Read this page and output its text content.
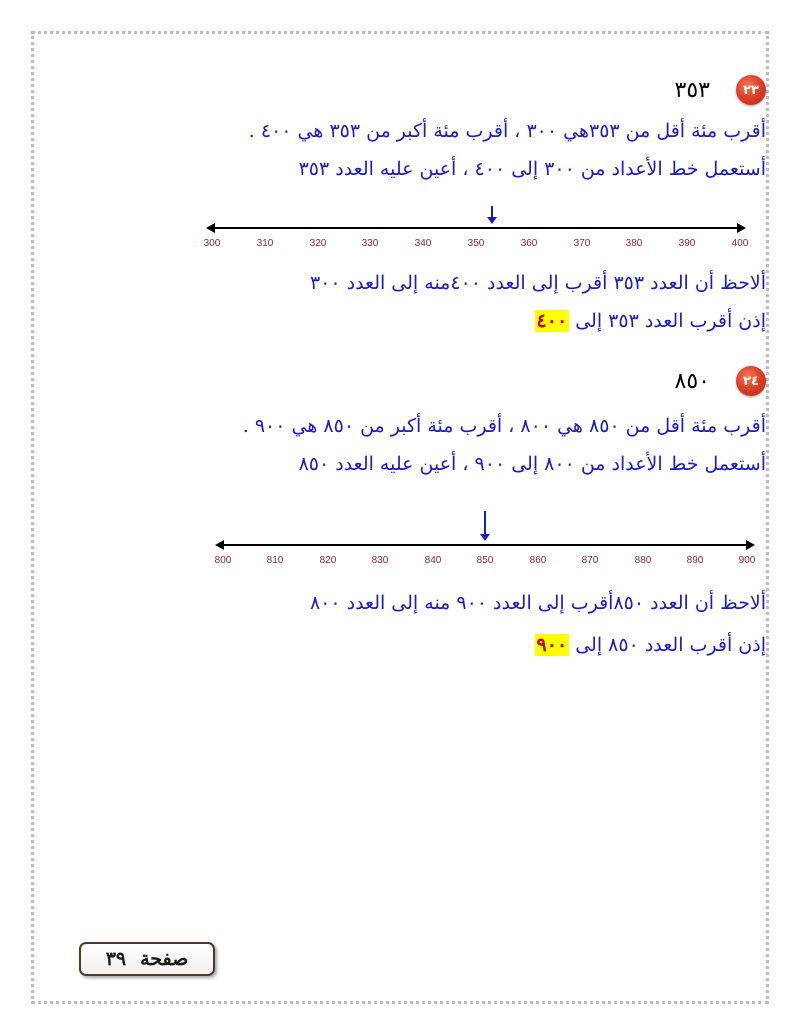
٢٣
٣٥٣
أقرب مئة أقل من ٣٥٣هي ٣٠٠ ، أقرب مئة أكبر من ٣٥٣ هي ٤٠٠ .
أستعمل خط الأعداد من ٣٠٠ إلى ٤٠٠ ، أعين عليه العدد ٣٥٣
300	310	320	330	340	350	360	370	380	390	400
ألاحظ أن العدد ٣٥٣ أقرب إلى العدد ٤٠٠منه إلى العدد ٣٠٠
إذن أقرب العدد ٣٥٣ إلى ٤٠٠
٢٤
٨٥٠
أقرب مئة أقل من ٨٥٠ هي ٨٠٠ ، أقرب مئة أكبر من ٨٥٠ هي ٩٠٠ .
أستعمل خط الأعداد من ٨٠٠ إلى ٩٠٠ ، أعين عليه العدد ٨٥٠
800	810	820	830	840	850	860	870	880	890	900
ألاحظ أن العدد ٨٥٠أقرب إلى العدد ٩٠٠ منه إلى العدد ٨٠٠
إذن أقرب العدد ٨٥٠ إلى ٩٠٠
صفحة
٣٩
